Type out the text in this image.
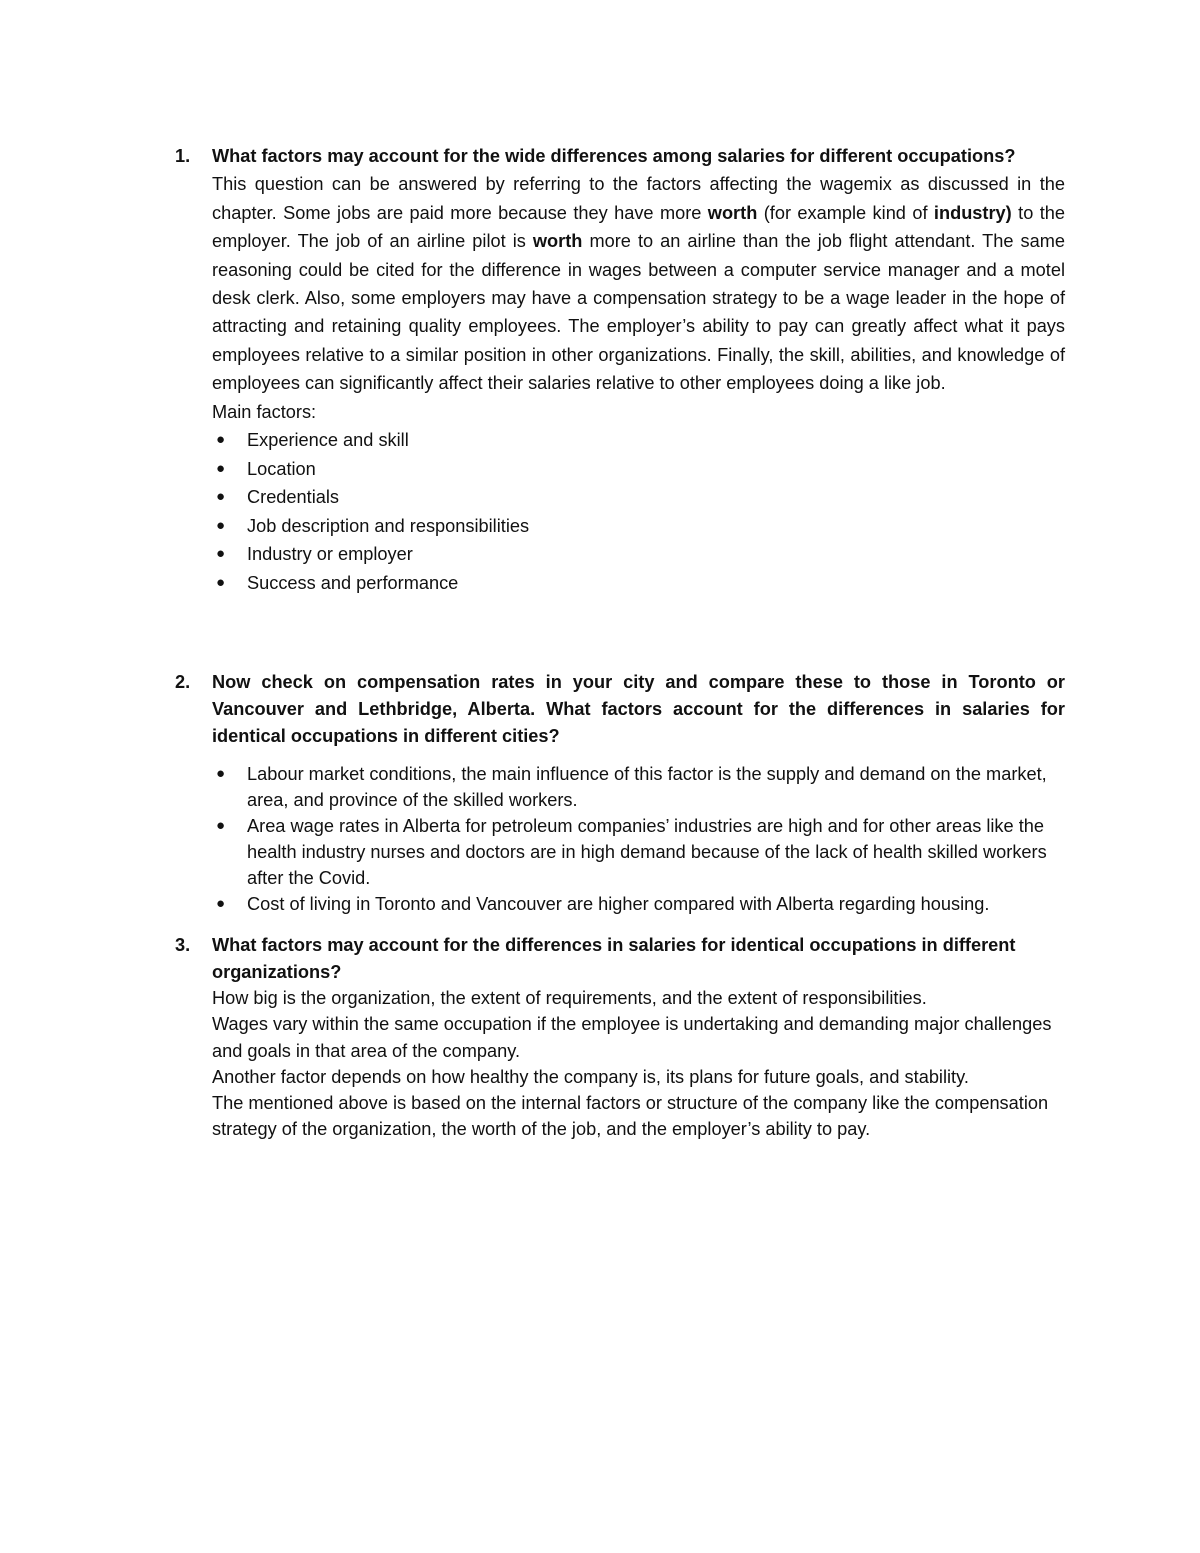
1. What factors may account for the wide differences among salaries for different occupations?

This question can be answered by referring to the factors affecting the wagemix as discussed in the chapter. Some jobs are paid more because they have more worth (for example kind of industry) to the employer. The job of an airline pilot is worth more to an airline than the job flight attendant. The same reasoning could be cited for the difference in wages between a computer service manager and a motel desk clerk. Also, some employers may have a compensation strategy to be a wage leader in the hope of attracting and retaining quality employees. The employer’s ability to pay can greatly affect what it pays employees relative to a similar position in other organizations. Finally, the skill, abilities, and knowledge of employees can significantly affect their salaries relative to other employees doing a like job.

Main factors:

● Experience and skill
● Location
● Credentials
● Job description and responsibilities
● Industry or employer
● Success and performance
2. Now check on compensation rates in your city and compare these to those in Toronto or Vancouver and Lethbridge, Alberta. What factors account for the differences in salaries for identical occupations in different cities?
● Labour market conditions, the main influence of this factor is the supply and demand on the market, area, and province of the skilled workers.
● Area wage rates in Alberta for petroleum companies’ industries are high and for other areas like the health industry nurses and doctors are in high demand because of the lack of health skilled workers after the Covid.
● Cost of living in Toronto and Vancouver are higher compared with Alberta regarding housing.
3. What factors may account for the differences in salaries for identical occupations in different organizations?

How big is the organization, the extent of requirements, and the extent of responsibilities.

Wages vary within the same occupation if the employee is undertaking and demanding major challenges and goals in that area of the company.

Another factor depends on how healthy the company is, its plans for future goals, and stability.

The mentioned above is based on the internal factors or structure of the company like the compensation strategy of the organization, the worth of the job, and the employer’s ability to pay.
